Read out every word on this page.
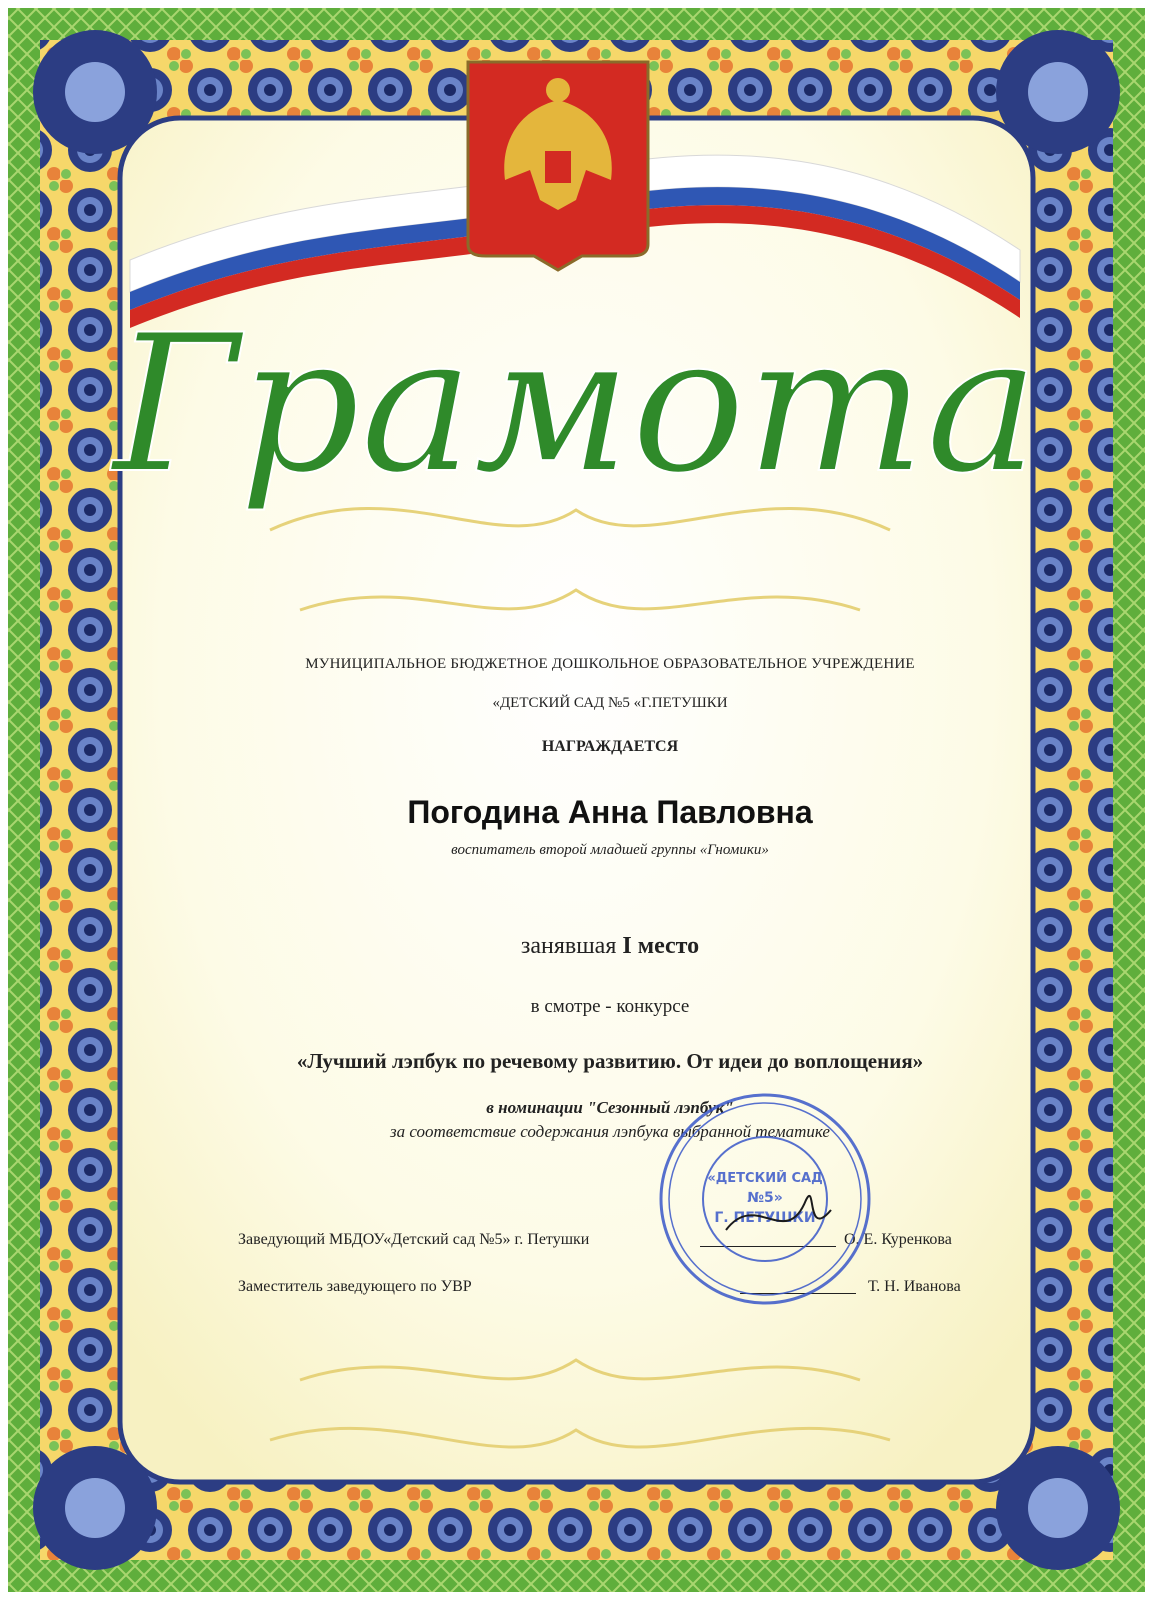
Грамота
МУНИЦИПАЛЬНОЕ БЮДЖЕТНОЕ ДОШКОЛЬНОЕ ОБРАЗОВАТЕЛЬНОЕ УЧРЕЖДЕНИЕ
«ДЕТСКИЙ САД №5 «Г.ПЕТУШКИ
НАГРАЖДАЕТСЯ
Погодина Анна Павловна
воспитатель второй младшей группы «Гномики»
занявшая I место
в смотре - конкурсе
«Лучший лэпбук по речевому развитию. От идеи до воплощения»
в номинации "Сезонный лэпбук"
за соответствие содержания лэпбука выбранной тематике
Заведующий МБДОУ«Детский сад №5» г. Петушки	О. Е. Куренкова
Заместитель заведующего по УВР	Т. Н. Иванова
«ДЕТСКИЙ САД
№5»
Г. ПЕТУШКИ
